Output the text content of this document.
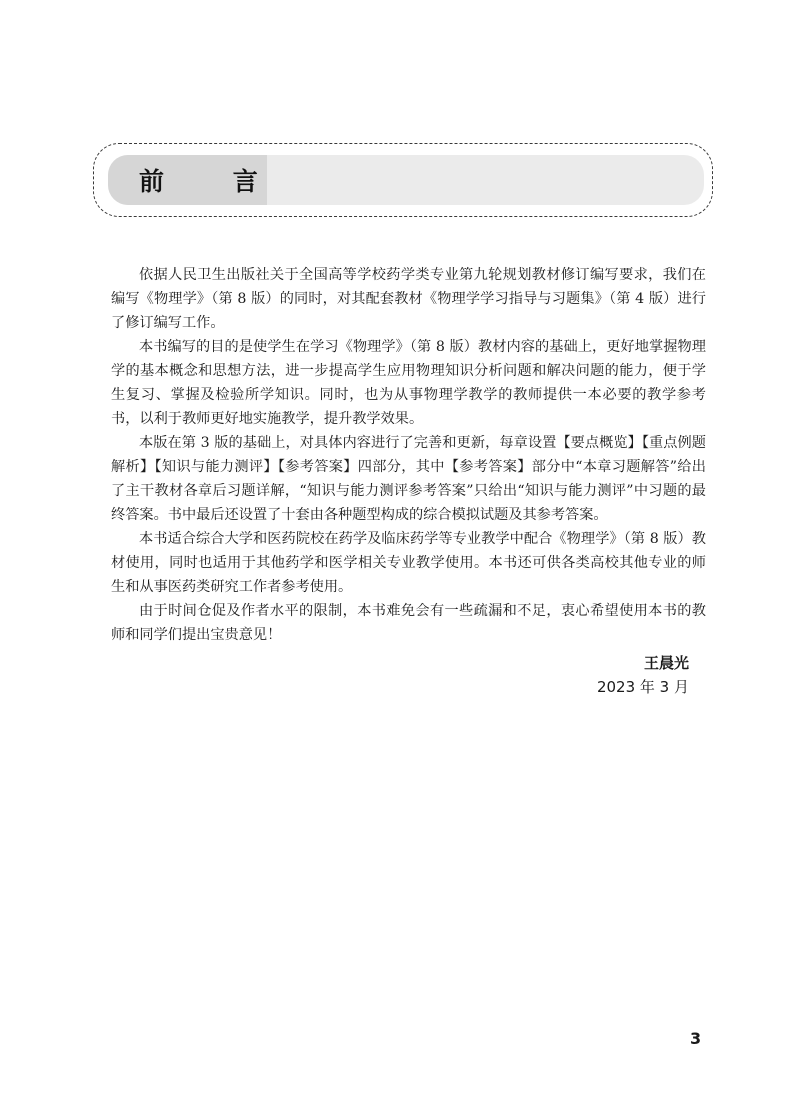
前 言

依据人民卫生出版社关于全国高等学校药学类专业第九轮规划教材修订编写要求，我们在编写《物理学》（第 8 版）的同时，对其配套教材《物理学学习指导与习题集》（第 4 版）进行了修订编写工作。

本书编写的目的是使学生在学习《物理学》（第 8 版）教材内容的基础上，更好地掌握物理学的基本概念和思想方法，进一步提高学生应用物理知识分析问题和解决问题的能力，便于学生复习、掌握及检验所学知识。同时，也为从事物理学教学的教师提供一本必要的教学参考书，以利于教师更好地实施教学，提升教学效果。

本版在第 3 版的基础上，对具体内容进行了完善和更新，每章设置【要点概览】【重点例题解析】【知识与能力测评】【参考答案】四部分，其中【参考答案】部分中“本章习题解答”给出了主干教材各章后习题详解，“知识与能力测评参考答案”只给出“知识与能力测评”中习题的最终答案。书中最后还设置了十套由各种题型构成的综合模拟试题及其参考答案。

本书适合综合大学和医药院校在药学及临床药学等专业教学中配合《物理学》（第 8 版）教材使用，同时也适用于其他药学和医学相关专业教学使用。本书还可供各类高校其他专业的师生和从事医药类研究工作者参考使用。

由于时间仓促及作者水平的限制，本书难免会有一些疏漏和不足，衷心希望使用本书的教师和同学们提出宝贵意见！

王晨光
2023 年 3 月
3
